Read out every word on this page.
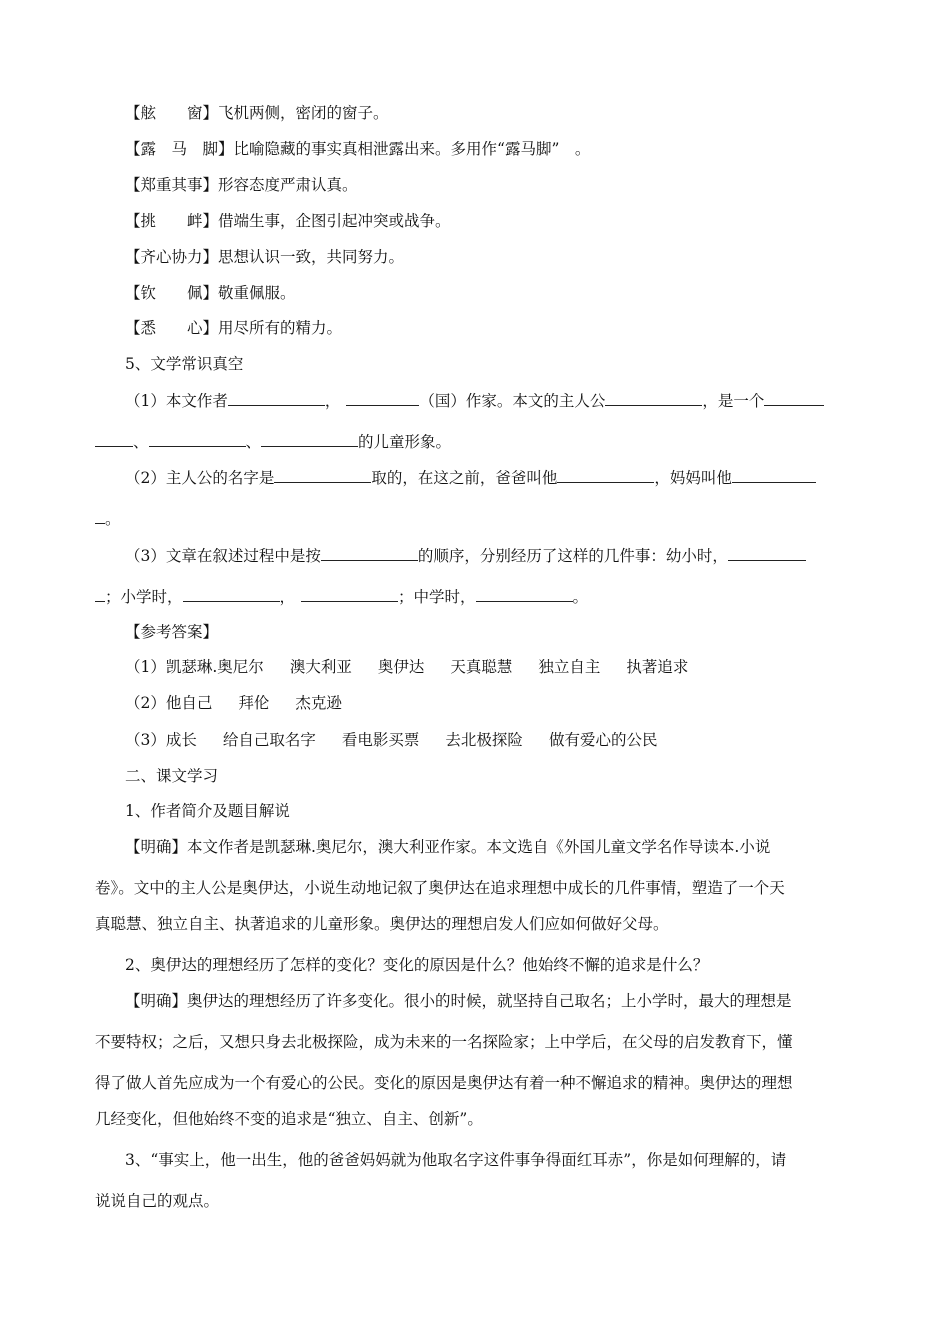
【舷　　窗】飞机两侧，密闭的窗子。
【露　马　脚】比喻隐藏的事实真相泄露出来。多用作“露马脚”　。
【郑重其事】形容态度严肃认真。
【挑　　衅】借端生事，企图引起冲突或战争。
【齐心协力】思想认识一致，共同努力。
【钦　　佩】敬重佩服。
【悉　　心】用尽所有的精力。
5、文学常识真空
（1）本文作者	，	（国）作家。本文的主人公	，是一个
、	、	的儿童形象。
（2）主人公的名字是	取的，在这之前，爸爸叫他	，妈妈叫他
。
（3）文章在叙述过程中是按	的顺序，分别经历了这样的几件事：幼小时，
；小学时，	，	；中学时，	。
【参考答案】
（1）凯瑟琳.奥尼尔 澳大利亚 奥伊达 天真聪慧 独立自主 执著追求
（2）他自己 拜伦 杰克逊
（3）成长 给自己取名字 看电影买票 去北极探险 做有爱心的公民
二、课文学习
1、作者简介及题目解说
【明确】本文作者是凯瑟琳.奥尼尔，澳大利亚作家。本文选自《外国儿童文学名作导读本.小说
卷》。文中的主人公是奥伊达，小说生动地记叙了奥伊达在追求理想中成长的几件事情，塑造了一个天
真聪慧、独立自主、执著追求的儿童形象。奥伊达的理想启发人们应如何做好父母。
2、奥伊达的理想经历了怎样的变化？变化的原因是什么？他始终不懈的追求是什么？
【明确】奥伊达的理想经历了许多变化。很小的时候，就坚持自己取名；上小学时，最大的理想是
不要特权；之后，又想只身去北极探险，成为未来的一名探险家；上中学后，在父母的启发教育下，懂
得了做人首先应成为一个有爱心的公民。变化的原因是奥伊达有着一种不懈追求的精神。奥伊达的理想
几经变化，但他始终不变的追求是“独立、自主、创新”。
3、“事实上，他一出生，他的爸爸妈妈就为他取名字这件事争得面红耳赤”，你是如何理解的，请
说说自己的观点。
